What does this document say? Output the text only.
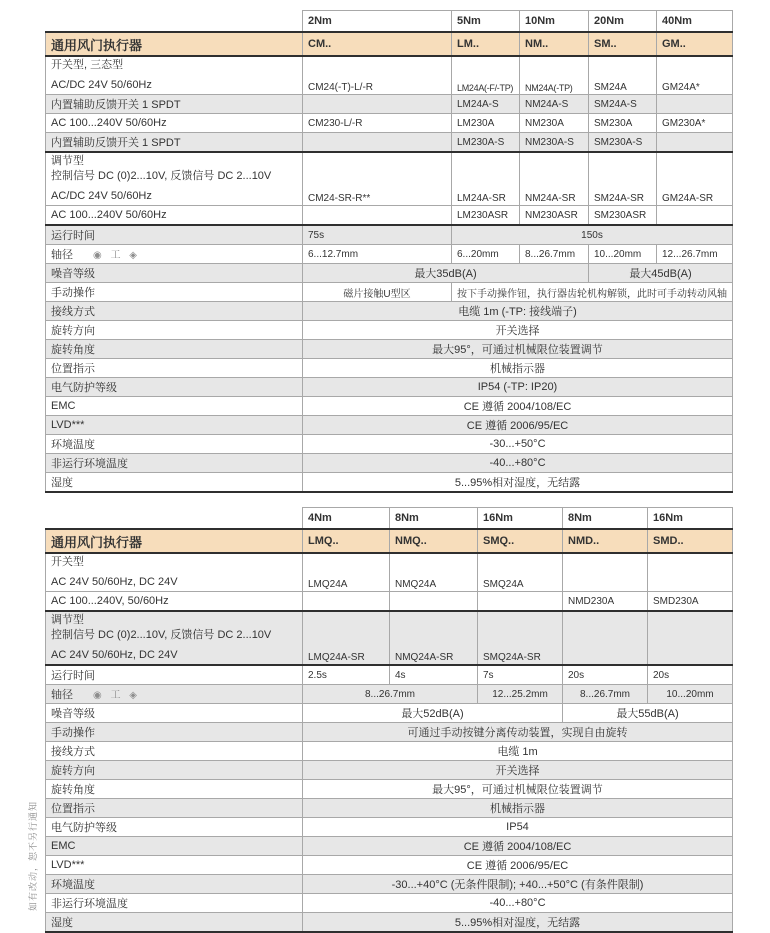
	2Nm	5Nm	10Nm	20Nm	40Nm
通用风门执行器	CM..	LM..	NM..	SM..	GM..

开关型, 三态型
AC/DC 24V 50/60Hz	CM24(-T)-L/-R	LM24A(-F/-TP)	NM24A(-TP)	SM24A	GM24A*
内置辅助反馈开关 1 SPDT		LM24A-S	NM24A-S	SM24A-S	
AC 100...240V 50/60Hz	CM230-L/-R	LM230A	NM230A	SM230A	GM230A*
内置辅助反馈开关 1 SPDT		LM230A-S	NM230A-S	SM230A-S	

调节型
控制信号 DC (0)2...10V, 反馈信号 DC 2...10V
AC/DC 24V 50/60Hz	CM24-SR-R**	LM24A-SR	NM24A-SR	SM24A-SR	GM24A-SR
AC 100...240V 50/60Hz		LM230ASR	NM230ASR	SM230ASR	
运行时间	75s	150s			
轴径 ◉ 工 ◈	6...12.7mm	6...20mm	8...26.7mm	10...20mm	12...26.7mm
噪音等级	最大35dB(A)			最大45dB(A)	
手动操作	磁片接触U型区	按下手动操作钮，执行器齿轮机构解锁，此时可手动转动风轴			
接线方式	电缆 1m (-TP: 接线端子)				
旋转方向	开关选择				
旋转角度	最大95°，可通过机械限位装置调节				
位置指示	机械指示器				
电气防护等级	IP54 (-TP: IP20)				
EMC	CE 遵循 2004/108/EC				
LVD***	CE 遵循 2006/95/EC				
环境温度	-30...+50°C				
非运行环境温度	-40...+80°C				
湿度	5...95%相对湿度，无结露				
	4Nm	8Nm	16Nm	8Nm	16Nm
通用风门执行器	LMQ..	NMQ..	SMQ..	NMD..	SMD..

开关型
AC 24V 50/60Hz, DC 24V	LMQ24A	NMQ24A	SMQ24A		
AC 100...240V, 50/60Hz				NMD230A	SMD230A

调节型
控制信号 DC (0)2...10V, 反馈信号 DC 2...10V
AC 24V 50/60Hz, DC 24V	LMQ24A-SR	NMQ24A-SR	SMQ24A-SR		
运行时间	2.5s	4s	7s	20s	20s
轴径 ◉ 工 ◈	8...26.7mm		12...25.2mm	8...26.7mm	10...20mm
噪音等级	最大52dB(A)			最大55dB(A)	
手动操作	可通过手动按键分离传动装置，实现自由旋转				
接线方式	电缆 1m				
旋转方向	开关选择				
旋转角度	最大95°，可通过机械限位装置调节				
位置指示	机械指示器				
电气防护等级	IP54				
EMC	CE 遵循 2004/108/EC				
LVD***	CE 遵循 2006/95/EC				
环境温度	-30...+40°C (无条件限制); +40...+50°C (有条件限制)				
非运行环境温度	-40...+80°C				
湿度	5...95%相对湿度，无结露				
如有改动，恕不另行通知
